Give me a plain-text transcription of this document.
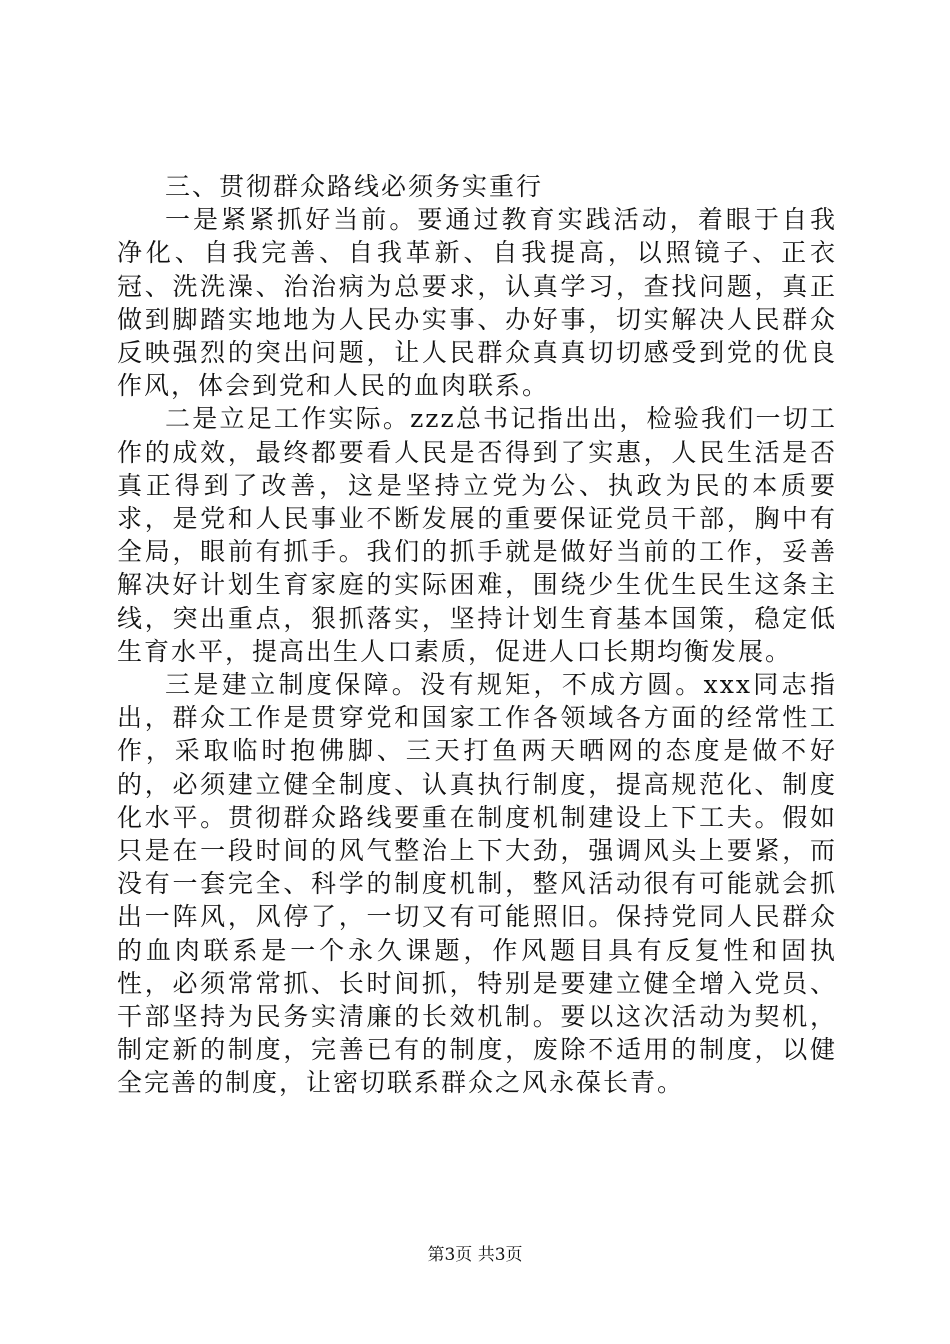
三、贯彻群众路线必须务实重行

一是紧紧抓好当前。要通过教育实践活动，着眼于自我净化、自我完善、自我革新、自我提高，以照镜子、正衣冠、洗洗澡、治治病为总要求，认真学习，查找问题，真正做到脚踏实地地为人民办实事、办好事，切实解决人民群众反映强烈的突出问题，让人民群众真真切切感受到党的优良作风，体会到党和人民的血肉联系。

二是立足工作实际。zzz总书记指出出，检验我们一切工作的成效，最终都要看人民是否得到了实惠，人民生活是否真正得到了改善，这是坚持立党为公、执政为民的本质要求，是党和人民事业不断发展的重要保证党员干部，胸中有全局，眼前有抓手。我们的抓手就是做好当前的工作，妥善解决好计划生育家庭的实际困难，围绕少生优生民生这条主线，突出重点，狠抓落实，坚持计划生育基本国策，稳定低生育水平，提高出生人口素质，促进人口长期均衡发展。

三是建立制度保障。没有规矩，不成方圆。xxx同志指出，群众工作是贯穿党和国家工作各领域各方面的经常性工作，采取临时抱佛脚、三天打鱼两天晒网的态度是做不好的，必须建立健全制度、认真执行制度，提高规范化、制度化水平。贯彻群众路线要重在制度机制建设上下工夫。假如只是在一段时间的风气整治上下大劲，强调风头上要紧，而没有一套完全、科学的制度机制，整风活动很有可能就会抓出一阵风，风停了，一切又有可能照旧。保持党同人民群众的血肉联系是一个永久课题，作风题目具有反复性和固执性，必须常常抓、长时间抓，特别是要建立健全增入党员、干部坚持为民务实清廉的长效机制。要以这次活动为契机，制定新的制度，完善已有的制度，废除不适用的制度，以健全完善的制度，让密切联系群众之风永葆长青。

第3页 共3页
